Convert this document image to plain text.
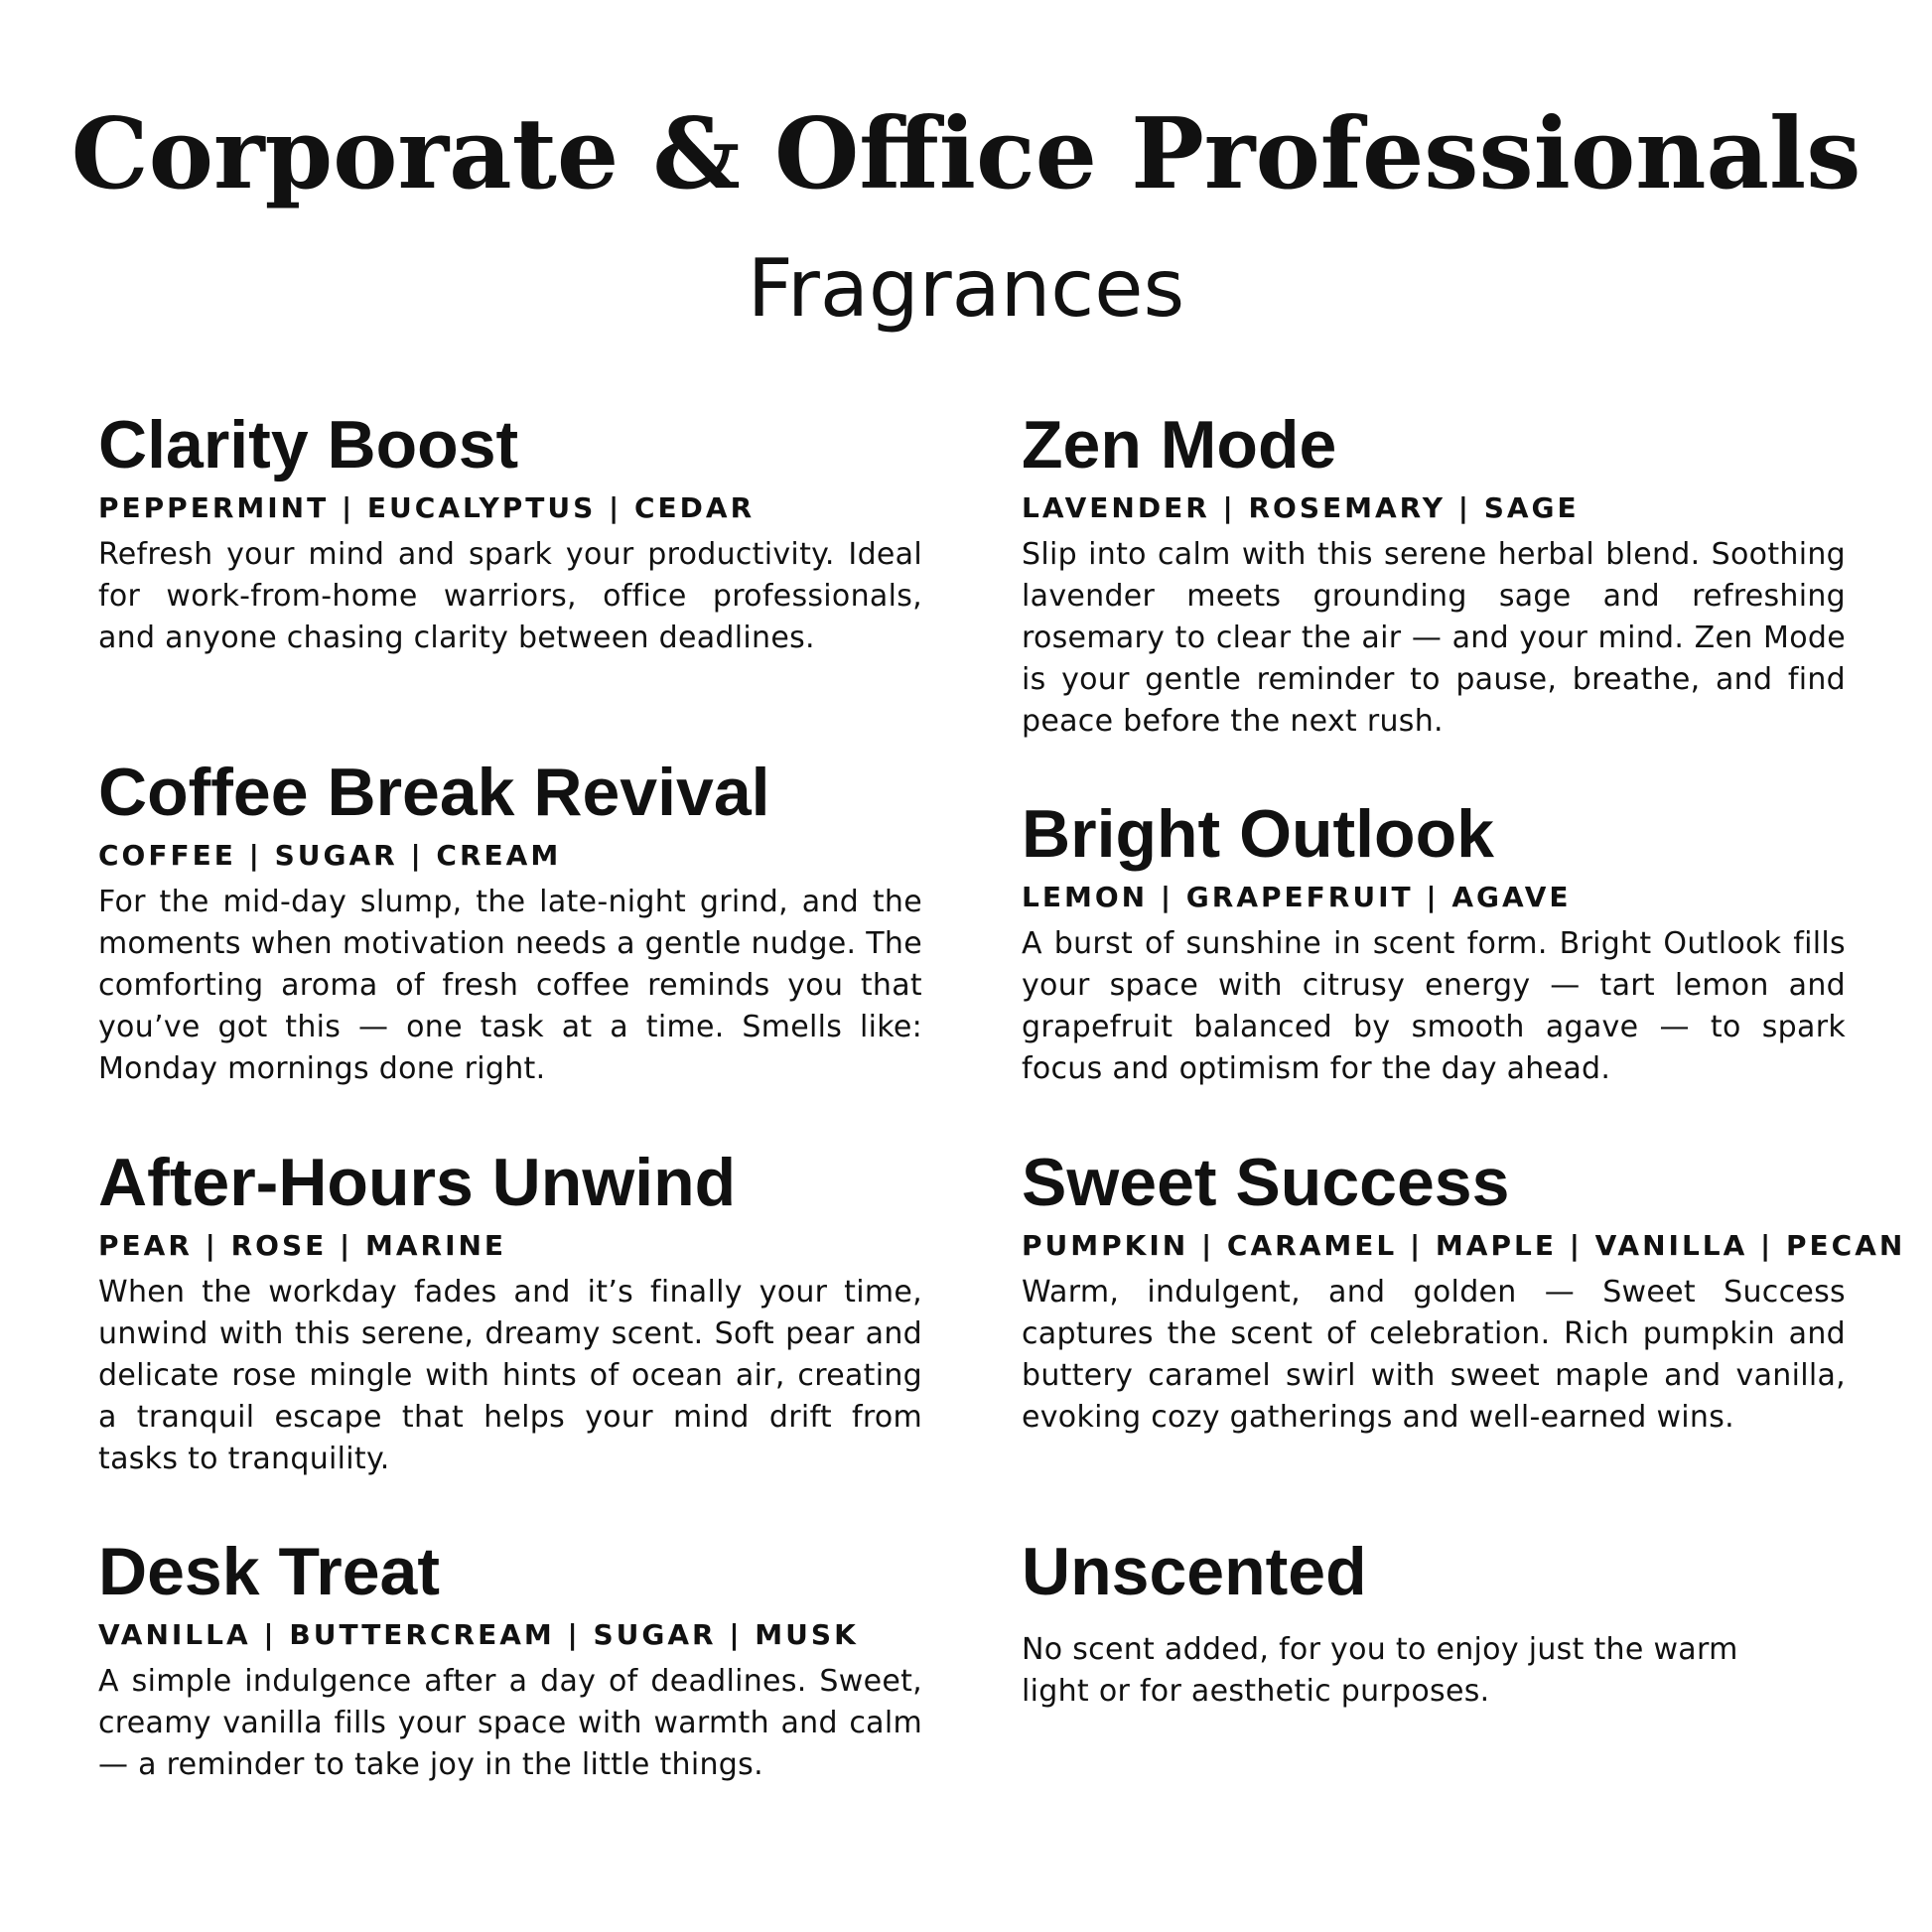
Corporate & Office Professionals
Fragrances
Clarity Boost
PEPPERMINT | EUCALYPTUS | CEDAR
Refresh your mind and spark your productivity. Ideal for work-from-home warriors, office professionals, and anyone chasing clarity between deadlines.
Coffee Break Revival
COFFEE | SUGAR | CREAM
For the mid-day slump, the late-night grind, and the moments when motivation needs a gentle nudge. The comforting aroma of fresh coffee reminds you that you’ve got this — one task at a time. Smells like: Monday mornings done right.
After-Hours Unwind
PEAR | ROSE | MARINE
When the workday fades and it’s finally your time, unwind with this serene, dreamy scent. Soft pear and delicate rose mingle with hints of ocean air, creating a tranquil escape that helps your mind drift from tasks to tranquility.
Desk Treat
VANILLA | BUTTERCREAM | SUGAR | MUSK
A simple indulgence after a day of deadlines. Sweet, creamy vanilla fills your space with warmth and calm — a reminder to take joy in the little things.
Zen Mode
LAVENDER | ROSEMARY | SAGE
Slip into calm with this serene herbal blend. Soothing lavender meets grounding sage and refreshing rosemary to clear the air — and your mind. Zen Mode is your gentle reminder to pause, breathe, and find peace before the next rush.
Bright Outlook
LEMON | GRAPEFRUIT | AGAVE
A burst of sunshine in scent form. Bright Outlook fills your space with citrusy energy — tart lemon and grapefruit balanced by smooth agave — to spark focus and optimism for the day ahead.
Sweet Success
PUMPKIN | CARAMEL | MAPLE | VANILLA | PECAN
Warm, indulgent, and golden — Sweet Success captures the scent of celebration. Rich pumpkin and buttery caramel swirl with sweet maple and vanilla, evoking cozy gatherings and well-earned wins.
Unscented
No scent added, for you to enjoy just the warm light or for aesthetic purposes.
